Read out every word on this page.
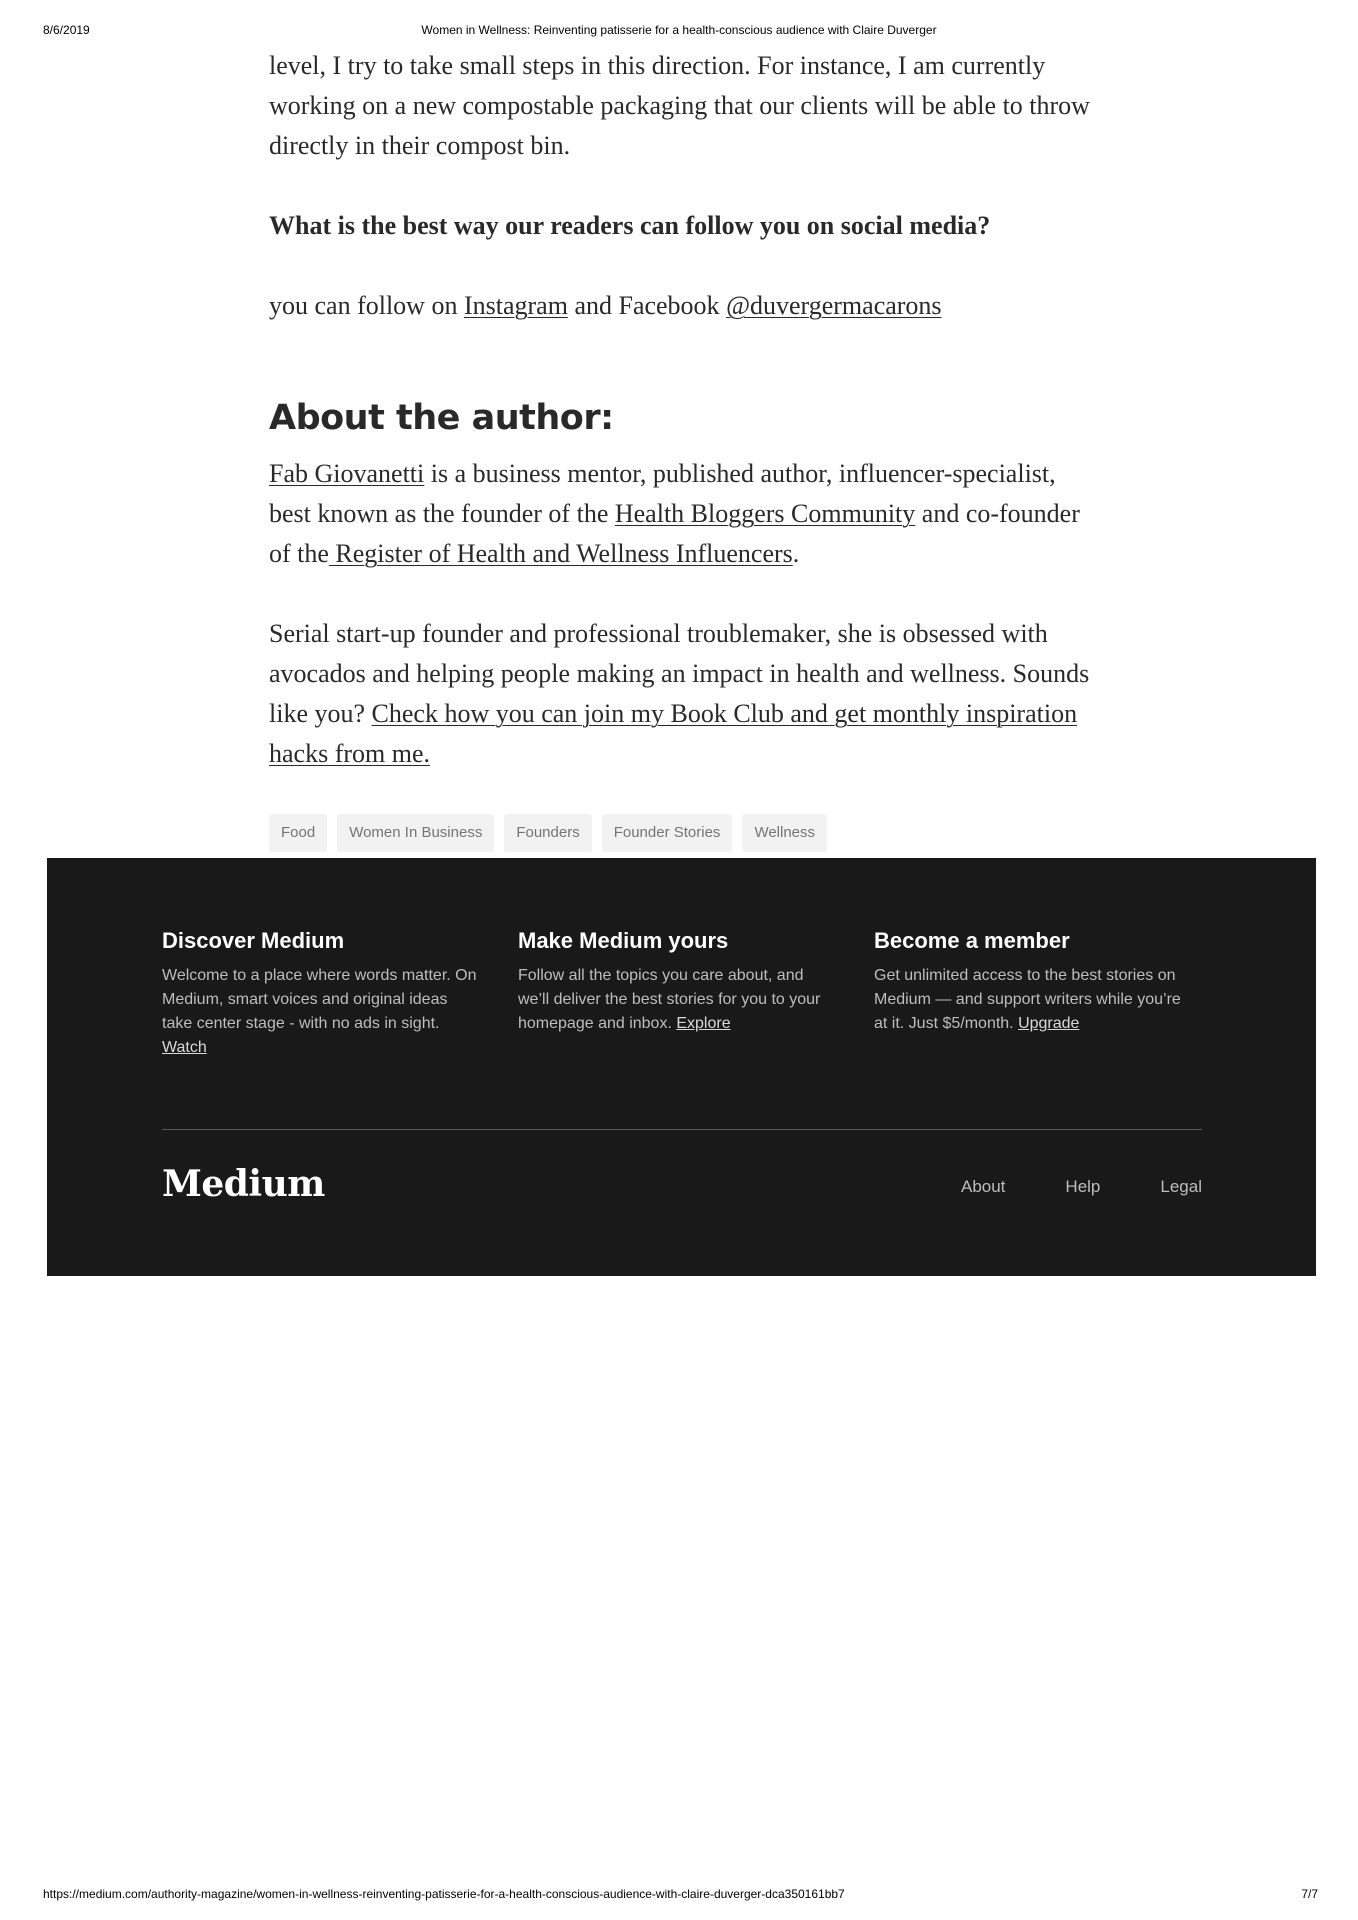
8/6/2019	Women in Wellness: Reinventing patisserie for a health-conscious audience with Claire Duverger

level, I try to take small steps in this direction. For instance, I am currently working on a new compostable packaging that our clients will be able to throw directly in their compost bin.

What is the best way our readers can follow you on social media?

you can follow on Instagram and Facebook @duvergermacarons

About the author:

Fab Giovanetti is a business mentor, published author, influencer-specialist, best known as the founder of the Health Bloggers Community and co-founder of the Register of Health and Wellness Influencers.

Serial start-up founder and professional troublemaker, she is obsessed with avocados and helping people making an impact in health and wellness. Sounds like you? Check how you can join my Book Club and get monthly inspiration hacks from me.

Food	Women In Business	Founders	Founder Stories	Wellness
Discover Medium

Welcome to a place where words matter. On Medium, smart voices and original ideas take center stage - with no ads in sight. Watch

Make Medium yours

Follow all the topics you care about, and we’ll deliver the best stories for you to your homepage and inbox. Explore

Become a member

Get unlimited access to the best stories on Medium — and support writers while you’re at it. Just $5/month. Upgrade

Medium	About	Help	Legal
https://medium.com/authority-magazine/women-in-wellness-reinventing-patisserie-for-a-health-conscious-audience-with-claire-duverger-dca350161bb7	7/7
